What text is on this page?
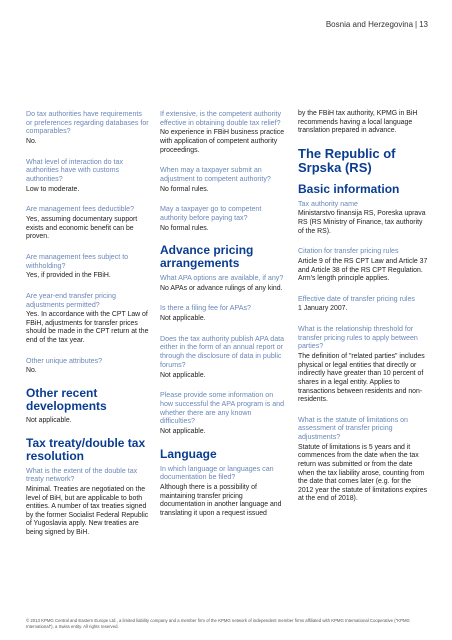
Bosnia and Herzegovina | 13
Do tax authorities have requirements or preferences regarding databases for comparables?
No.
What level of interaction do tax authorities have with customs authorities?
Low to moderate.
Are management fees deductible?
Yes, assuming documentary support exists and economic benefit can be proven.
Are management fees subject to withholding?
Yes, if provided in the FBiH.
Are year-end transfer pricing adjustments permitted?
Yes. In accordance with the CPT Law of FBiH, adjustments for transfer prices should be made in the CPT return at the end of the tax year.
Other unique attributes?
No.
Other recent developments
Not applicable.
Tax treaty/double tax resolution
What is the extent of the double tax treaty network?
Minimal. Treaties are negotiated on the level of BiH, but are applicable to both entities. A number of tax treaties signed by the former Socialist Federal Republic of Yugoslavia apply. New treaties are being signed by BiH.
If extensive, is the competent authority effective in obtaining double tax relief?
No experience in FBiH business practice with application of competent authority proceedings.
When may a taxpayer submit an adjustment to competent authority?
No formal rules.
May a taxpayer go to competent authority before paying tax?
No formal rules.
Advance pricing arrangements
What APA options are available, if any?
No APAs or advance rulings of any kind.
Is there a filing fee for APAs?
Not applicable.
Does the tax authority publish APA data either in the form of an annual report or through the disclosure of data in public forums?
Not applicable.
Please provide some information on how successful the APA program is and whether there are any known difficulties?
Not applicable.
Language
In which language or languages can documentation be filed?
Although there is a possibility of maintaining transfer pricing documentation in another language and translating it upon a request issued
by the FBiH tax authority, KPMG in BiH recommends having a local language translation prepared in advance.
The Republic of Srpska (RS)
Basic information
Tax authority name
Ministarstvo finansija RS, Poreska uprava RS (RS Ministry of Finance, tax authority of the RS).
Citation for transfer pricing rules
Article 9 of the RS CPT Law and Article 37 and Article 38 of the RS CPT Regulation. Arm's length principle applies.
Effective date of transfer pricing rules
1 January 2007.
What is the relationship threshold for transfer pricing rules to apply between parties?
The definition of "related parties" includes physical or legal entities that directly or indirectly have greater than 10 percent of shares in a legal entity. Applies to transactions between residents and non-residents.
What is the statute of limitations on assessment of transfer pricing adjustments?
Statute of limitations is 5 years and it commences from the date when the tax return was submitted or from the date when the tax liability arose, counting from the date that comes later (e.g. for the 2012 year the statute of limitations expires at the end of 2018).
© 2013 KPMG Central and Eastern Europe Ltd., a limited liability company and a member firm of the KPMG network of independent member firms affiliated with KPMG International Cooperative ("KPMG International"), a Swiss entity. All rights reserved.
